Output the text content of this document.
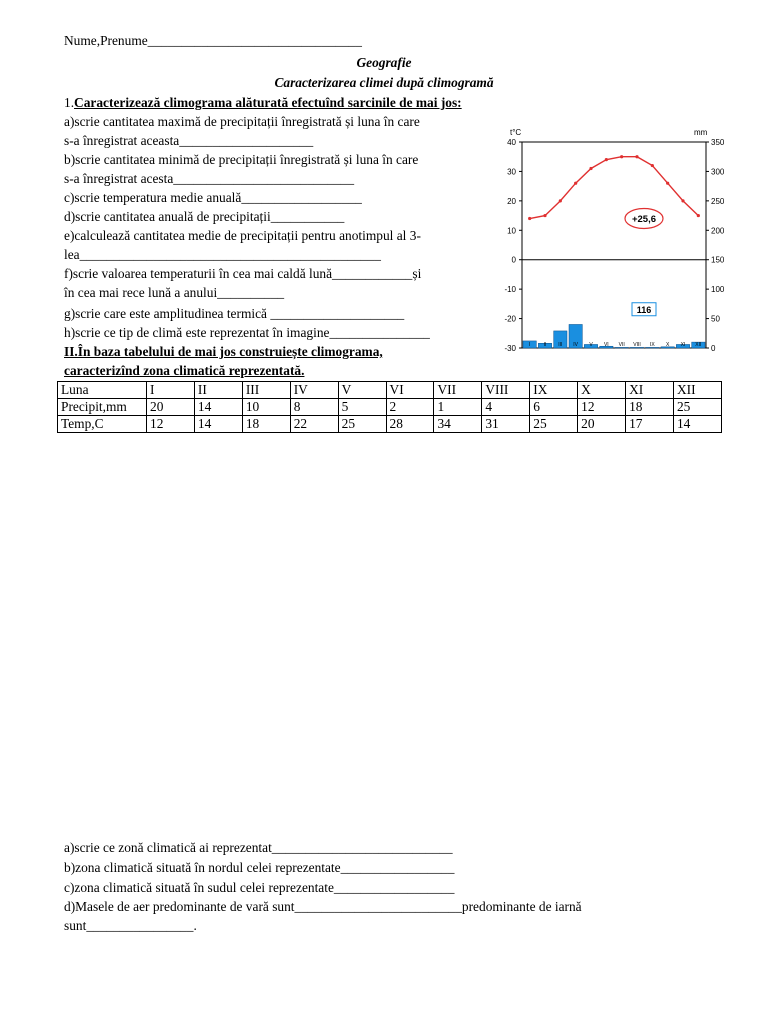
Nume,Prenume________________________________
Geografie
Caracterizarea climei după climogramă
1.Caracterizează climograma alăturată efectuînd sarcinile de mai jos:
a)scrie cantitatea maximă de precipitații înregistrată și luna în care
s-a înregistrat aceasta____________________
b)scrie cantitatea minimă de precipitații înregistrată și luna în care
s-a înregistrat acesta___________________________
c)scrie temperatura medie anuală__________________
d)scrie cantitatea anuală de precipitații___________
e)calculează cantitatea medie de precipitații pentru anotimpul al 3-
lea_____________________________________________
f)scrie valoarea temperaturii în cea mai caldă lună____________și
în cea mai rece lună a anului__________
g)scrie care este amplitudinea termică ____________________
h)scrie ce tip de climă este reprezentat în imagine_______________
II.În baza tabelului de mai jos construiește climograma,
caracterizînd zona climatică reprezentată.
t°C	mm
40
30
20
10
0
-10
-20
-30
350
300
250
200
150
100
50
0
I	II III IV V VI VII VIII IX X XI XII
+25,6
116
Luna	I	II	III	IV	V	VI	VII	VIII	IX	X	XI	XII
Precipit,mm	20	14	10	8	5	2	1	4	6	12	18	25
Temp,C	12	14	18	22	25	28	34	31	25	20	17	14
a)scrie ce zonă climatică ai reprezentat___________________________
b)zona climatică situată în nordul celei reprezentate_________________
c)zona climatică situată în sudul celei reprezentate__________________
d)Masele de aer predominante de vară sunt_________________________predominante de iarnă
sunt________________.
